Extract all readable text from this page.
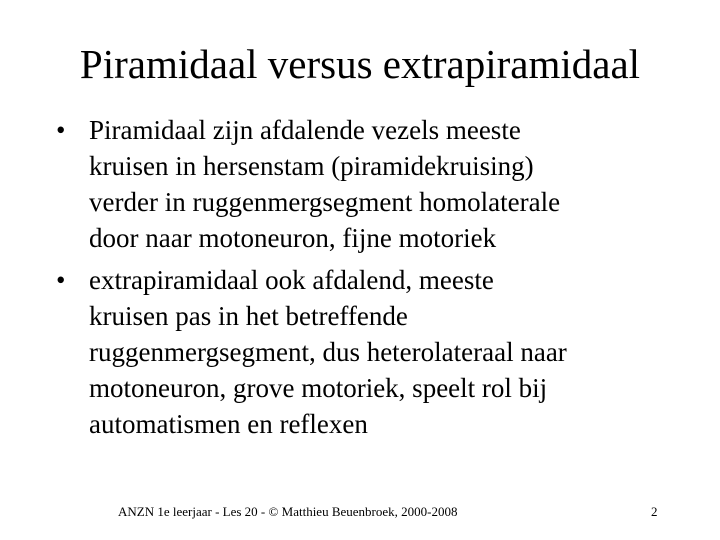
Piramidaal versus extrapiramidaal
• Piramidaal zijn afdalende vezels meeste
kruisen in hersenstam (piramidekruising)
verder in ruggenmergsegment homolaterale
door naar motoneuron, fijne motoriek
• extrapiramidaal ook afdalend, meeste
kruisen pas in het betreffende
ruggenmergsegment, dus heterolateraal naar
motoneuron, grove motoriek, speelt rol bij
automatismen en reflexen
ANZN 1e leerjaar - Les 20 - © Matthieu Beuenbroek, 2000-2008	2
